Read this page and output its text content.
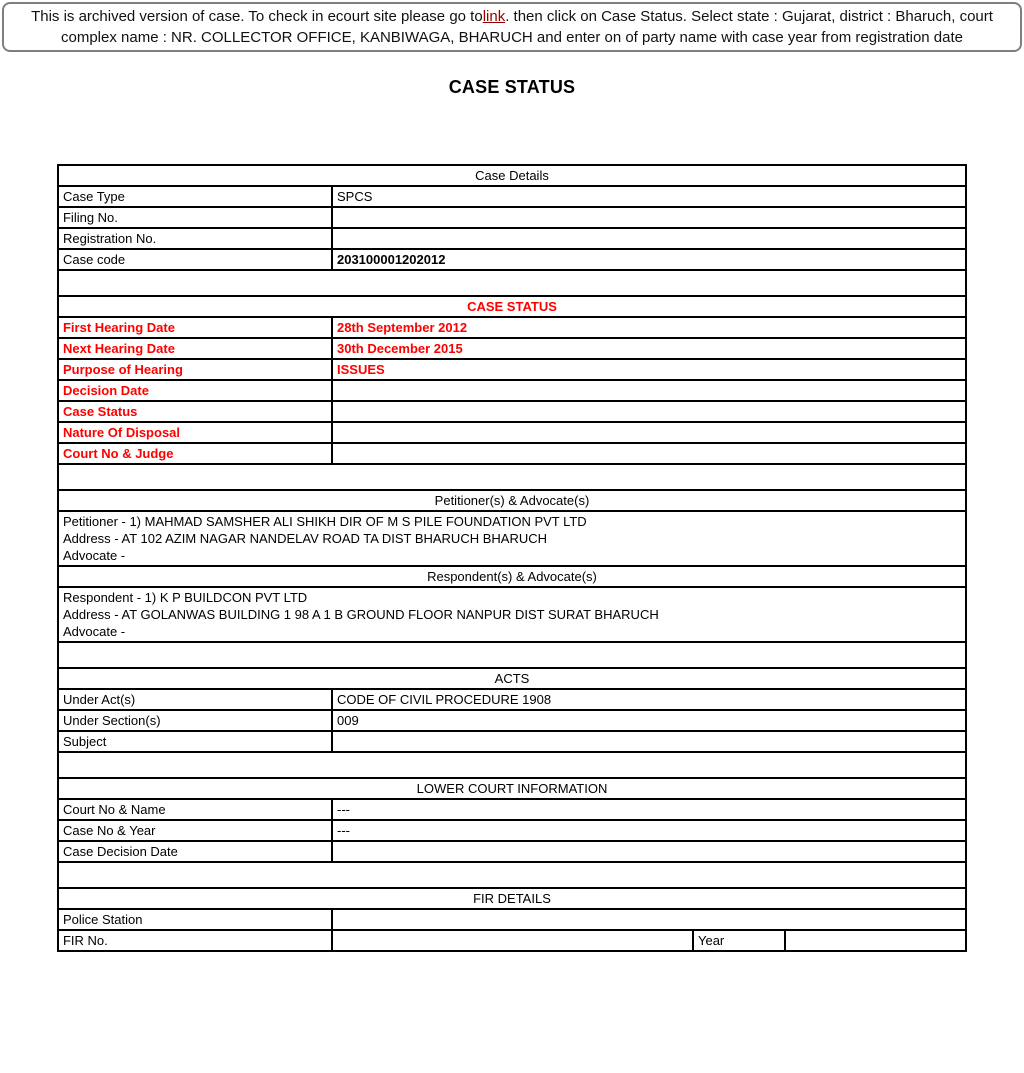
This is archived version of case. To check in ecourt site please go tolink. then click on Case Status. Select state : Gujarat, district : Bharuch, court complex name : NR. COLLECTOR OFFICE, KANBIWAGA, BHARUCH and enter on of party name with case year from registration date
CASE STATUS
Case Details			
Case Type	SPCS		
Filing No.			
Registration No.			
Case code	203100001202012		

CASE STATUS			
First Hearing Date	28th September 2012		
Next Hearing Date	30th December 2015		
Purpose of Hearing	ISSUES		
Decision Date			
Case Status			
Nature Of Disposal			
Court No & Judge			

Petitioner(s) & Advocate(s)			

Petitioner - 1) MAHMAD SAMSHER ALI SHIKH DIR OF M S PILE FOUNDATION PVT LTD
Address - AT 102 AZIM NAGAR NANDELAV ROAD TA DIST BHARUCH BHARUCH
Advocate -			

Respondent(s) & Advocate(s)			

Respondent - 1) K P BUILDCON PVT LTD
Address - AT GOLANWAS BUILDING 1 98 A 1 B GROUND FLOOR NANPUR DIST SURAT BHARUCH
Advocate -			

ACTS			
Under Act(s)	CODE OF CIVIL PROCEDURE 1908		
Under Section(s)	009		
Subject			

LOWER COURT INFORMATION			
Court No & Name	---		
Case No & Year	---		
Case Decision Date			

FIR DETAILS			
Police Station			
FIR No.		Year	
